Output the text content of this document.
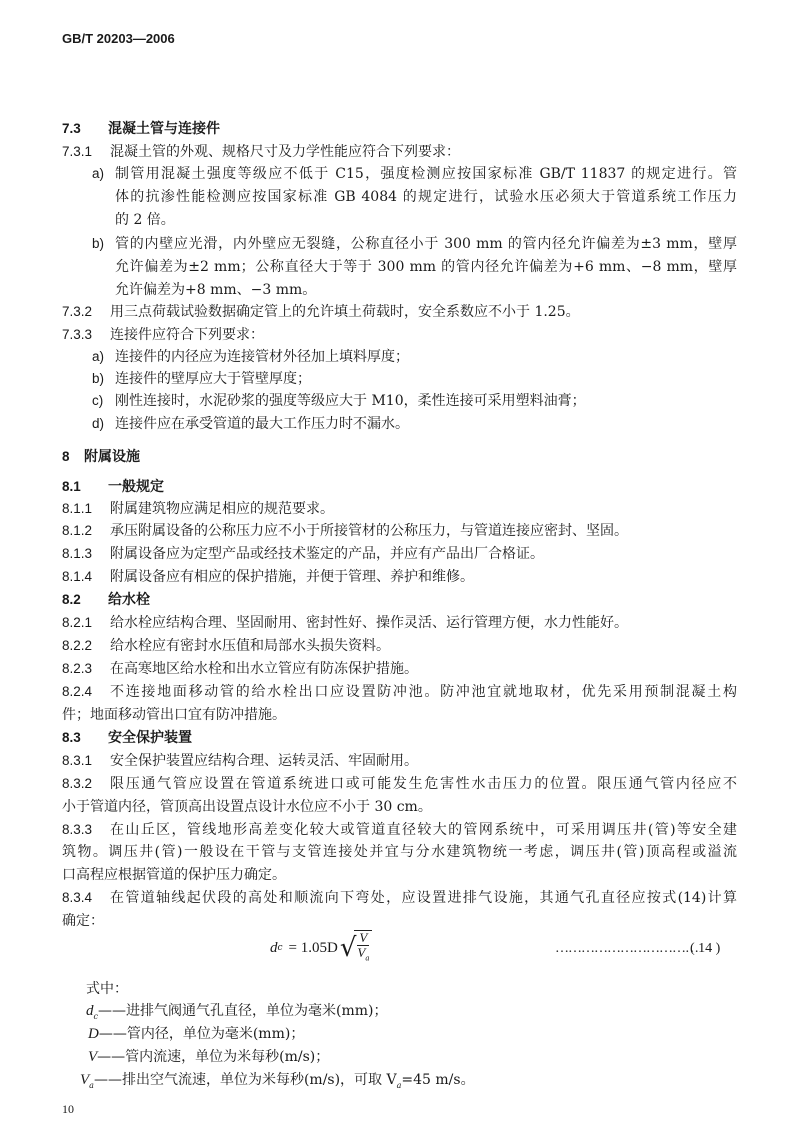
GB/T 20203—2006
7.3 混凝土管与连接件
7.3.1 混凝土管的外观、规格尺寸及力学性能应符合下列要求：
a) 制管用混凝土强度等级应不低于 C15，强度检测应按国家标准 GB/T 11837 的规定进行。管
体的抗渗性能检测应按国家标准 GB 4084 的规定进行，试验水压必须大于管道系统工作压力
的 2 倍。
b) 管的内壁应光滑，内外壁应无裂缝，公称直径小于 300 mm 的管内径允许偏差为±3 mm，壁厚
允许偏差为±2 mm；公称直径大于等于 300 mm 的管内径允许偏差为+6 mm、−8 mm，壁厚
允许偏差为+8 mm、−3 mm。
7.3.2 用三点荷载试验数据确定管上的允许填土荷载时，安全系数应不小于 1.25。
7.3.3 连接件应符合下列要求：
a) 连接件的内径应为连接管材外径加上填料厚度；
b) 连接件的壁厚应大于管壁厚度；
c) 刚性连接时，水泥砂浆的强度等级应大于 M10，柔性连接可采用塑料油膏；
d) 连接件应在承受管道的最大工作压力时不漏水。
8 附属设施
8.1 一般规定
8.1.1 附属建筑物应满足相应的规范要求。
8.1.2 承压附属设备的公称压力应不小于所接管材的公称压力，与管道连接应密封、坚固。
8.1.3 附属设备应为定型产品或经技术鉴定的产品，并应有产品出厂合格证。
8.1.4 附属设备应有相应的保护措施，并便于管理、养护和维修。
8.2 给水栓
8.2.1 给水栓应结构合理、坚固耐用、密封性好、操作灵活、运行管理方便，水力性能好。
8.2.2 给水栓应有密封水压值和局部水头损失资料。
8.2.3 在高寒地区给水栓和出水立管应有防冻保护措施。
8.2.4 不连接地面移动管的给水栓出口应设置防冲池。防冲池宜就地取材，优先采用预制混凝土构
件；地面移动管出口宜有防冲措施。
8.3 安全保护装置
8.3.1 安全保护装置应结构合理、运转灵活、牢固耐用。
8.3.2 限压通气管应设置在管道系统进口或可能发生危害性水击压力的位置。限压通气管内径应不
小于管道内径，管顶高出设置点设计水位应不小于 30 cm。
8.3.3 在山丘区，管线地形高差变化较大或管道直径较大的管网系统中，可采用调压井(管)等安全建
筑物。调压井(管)一般设在干管与支管连接处并宜与分水建筑物统一考虑，调压井(管)顶高程或溢流
口高程应根据管道的保护压力确定。
8.3.4 在管道轴线起伏段的高处和顺流向下弯处，应设置进排气设施，其通气孔直径应按式(14)计算
确定：
d c = 1.05D √ V
$V_a$
……………………………
( 14 )
式中：
$d_c——$进排气阀通气孔直径，单位为毫米(mm)；
D——管内径，单位为毫米(mm)；
V——管内流速，单位为米每秒(m/s)；
$V_a——$排出空气流速，单位为米每秒(m/s)，可取 $V_a=45$ m/s。
10
